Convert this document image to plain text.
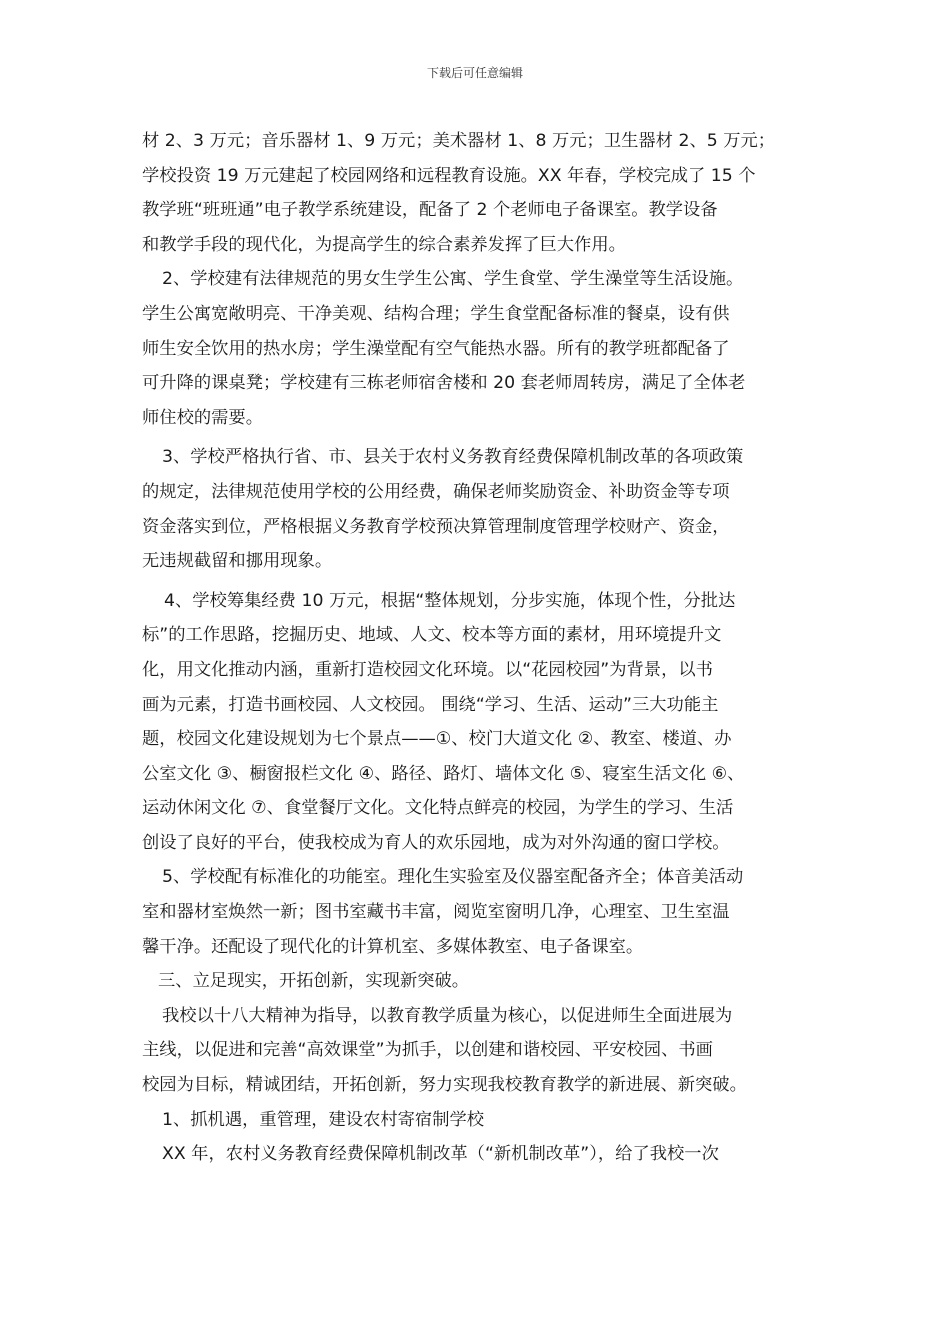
下载后可任意编辑
材 2、3 万元；音乐器材 1、9 万元；美术器材 1、8 万元；卫生器材 2、5 万元；
学校投资 19 万元建起了校园网络和远程教育设施。XX 年春，学校完成了 15 个
教学班“班班通”电子教学系统建设，配备了 2 个老师电子备课室。教学设备
和教学手段的现代化，为提高学生的综合素养发挥了巨大作用。
2、学校建有法律规范的男女生学生公寓、学生食堂、学生澡堂等生活设施。
学生公寓宽敞明亮、干净美观、结构合理；学生食堂配备标准的餐桌，设有供
师生安全饮用的热水房；学生澡堂配有空气能热水器。所有的教学班都配备了
可升降的课桌凳；学校建有三栋老师宿舍楼和 20 套老师周转房，满足了全体老
师住校的需要。
3、学校严格执行省、市、县关于农村义务教育经费保障机制改革的各项政策
的规定，法律规范使用学校的公用经费，确保老师奖励资金、补助资金等专项
资金落实到位，严格根据义务教育学校预决算管理制度管理学校财产、资金，
无违规截留和挪用现象。
4、学校筹集经费 10 万元，根据“整体规划，分步实施，体现个性，分批达
标”的工作思路，挖掘历史、地域、人文、校本等方面的素材，用环境提升文
化，用文化推动内涵，重新打造校园文化环境。以“花园校园”为背景，以书
画为元素，打造书画校园、人文校园。 围绕“学习、生活、运动”三大功能主
题，校园文化建设规划为七个景点——①、校门大道文化 ②、教室、楼道、办
公室文化 ③、橱窗报栏文化 ④、路径、路灯、墙体文化 ⑤、寝室生活文化 ⑥、
运动休闲文化 ⑦、食堂餐厅文化。文化特点鲜亮的校园，为学生的学习、生活
创设了良好的平台，使我校成为育人的欢乐园地，成为对外沟通的窗口学校。
5、学校配有标准化的功能室。理化生实验室及仪器室配备齐全；体音美活动
室和器材室焕然一新；图书室藏书丰富，阅览室窗明几净，心理室、卫生室温
馨干净。还配设了现代化的计算机室、多媒体教室、电子备课室。
三、立足现实，开拓创新，实现新突破。
我校以十八大精神为指导，以教育教学质量为核心，以促进师生全面进展为
主线，以促进和完善“高效课堂”为抓手，以创建和谐校园、平安校园、书画
校园为目标，精诚团结，开拓创新，努力实现我校教育教学的新进展、新突破。
1、抓机遇，重管理，建设农村寄宿制学校
XX 年，农村义务教育经费保障机制改革（“新机制改革”），给了我校一次
